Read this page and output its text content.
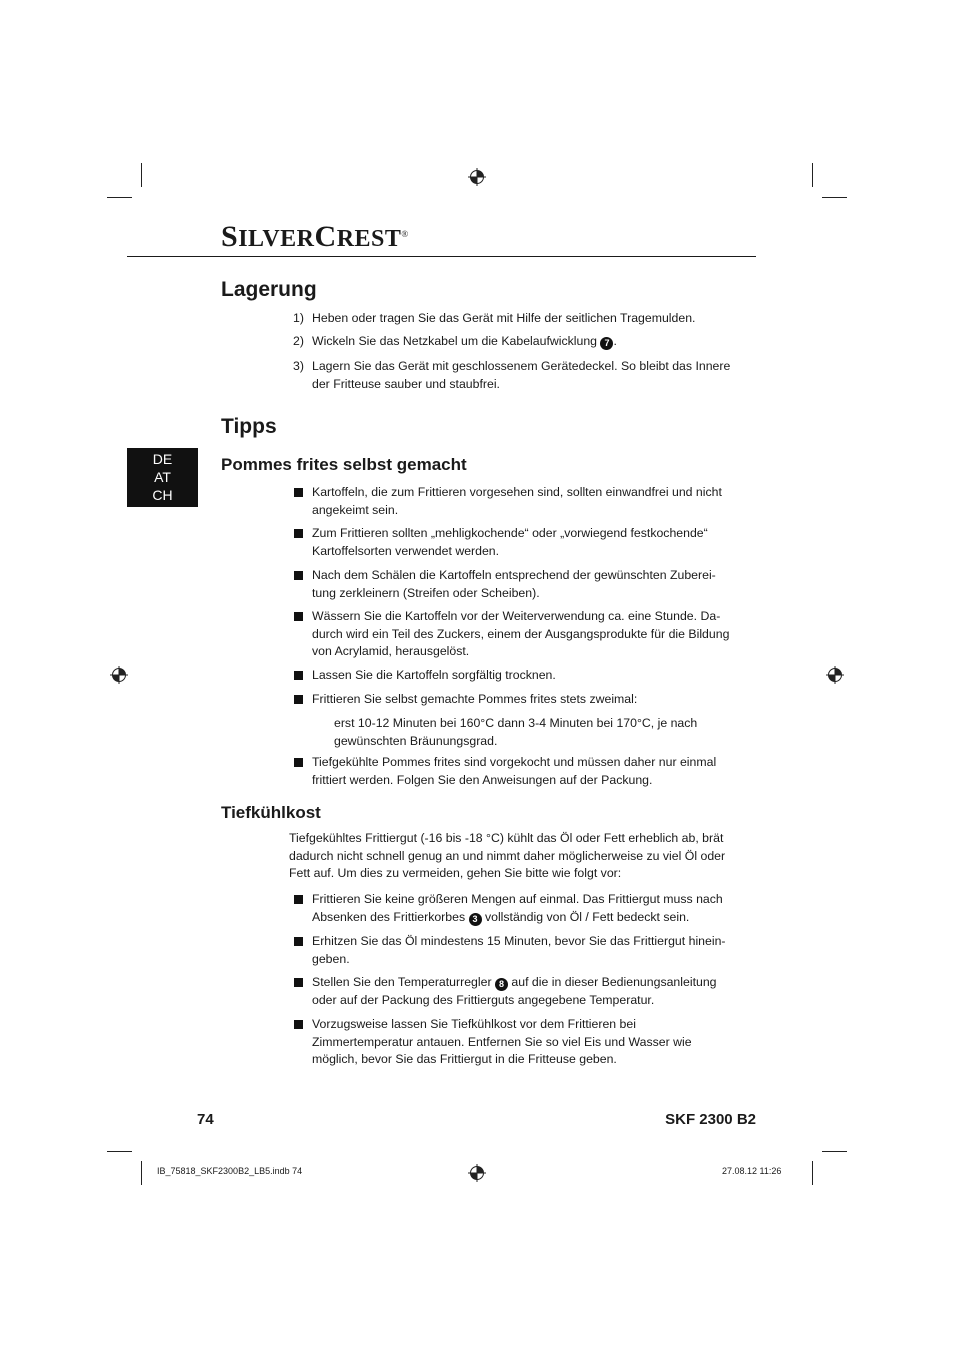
SILVERCREST®
Lagerung
1) Heben oder tragen Sie das Gerät mit Hilfe der seitlichen Tragemulden.
2) Wickeln Sie das Netzkabel um die Kabelaufwicklung 7 .
3) Lagern Sie das Gerät mit geschlossenem Gerätedeckel. So bleibt das Innere der Fritteuse sauber und staubfrei.
Tipps
DE
AT
CH
Pommes frites selbst gemacht
Kartoffeln, die zum Frittieren vorgesehen sind, sollten einwandfrei und nicht angekeimt sein.
Zum Frittieren sollten „mehligkochende“ oder „vorwiegend festkochende“ Kartoffelsorten verwendet werden.
Nach dem Schälen die Kartoffeln entsprechend der gewünschten Zuberei-tung zerkleinern (Streifen oder Scheiben).
Wässern Sie die Kartoffeln vor der Weiterverwendung ca. eine Stunde. Da-durch wird ein Teil des Zuckers, einem der Ausgangsprodukte für die Bildung von Acrylamid, herausgelöst.
Lassen Sie die Kartoffeln sorgfältig trocknen.
Frittieren Sie selbst gemachte Pommes frites stets zweimal:
erst 10-12 Minuten bei 160°C dann 3-4 Minuten bei 170°C, je nach gewünschten Bräunungsgrad.
Tiefgekühlte Pommes frites sind vorgekocht und müssen daher nur einmal frittiert werden. Folgen Sie den Anweisungen auf der Packung.
Tiefkühlkost
Tiefgekühltes Frittiergut (-16 bis -18 °C) kühlt das Öl oder Fett erheblich ab, brät dadurch nicht schnell genug an und nimmt daher möglicherweise zu viel Öl oder Fett auf. Um dies zu vermeiden, gehen Sie bitte wie folgt vor:
Frittieren Sie keine größeren Mengen auf einmal. Das Frittiergut muss nach Absenken des Frittierkorbes 3 vollständig von Öl / Fett bedeckt sein.
Erhitzen Sie das Öl mindestens 15 Minuten, bevor Sie das Frittiergut hinein-geben.
Stellen Sie den Temperaturregler 8 auf die in dieser Bedienungsanleitung oder auf der Packung des Frittierguts angegebene Temperatur.
Vorzugsweise lassen Sie Tiefkühlkost vor dem Frittieren bei Zimmertemperatur antauen. Entfernen Sie so viel Eis und Wasser wie möglich, bevor Sie das Frittiergut in die Fritteuse geben.
74	SKF 2300 B2
IB_75818_SKF2300B2_LB5.indb 74	27.08.12 11:26
